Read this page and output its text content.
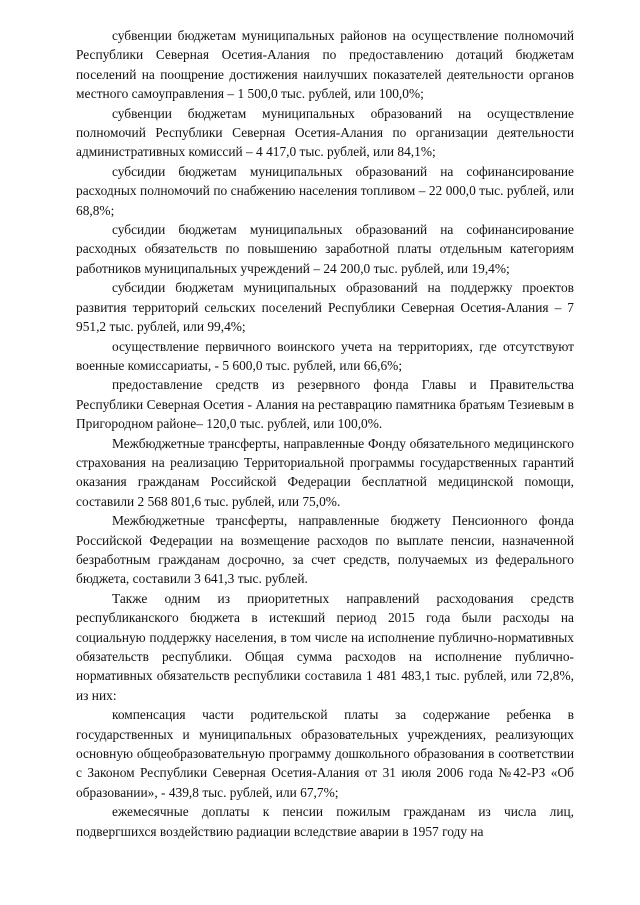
субвенции бюджетам муниципальных районов на осуществление полномочий Республики Северная Осетия-Алания по предоставлению дотаций бюджетам поселений на поощрение достижения наилучших показателей деятельности органов местного самоуправления – 1 500,0 тыс. рублей, или 100,0%;

субвенции бюджетам муниципальных образований на осуществление полномочий Республики Северная Осетия-Алания по организации деятельности административных комиссий – 4 417,0 тыс. рублей, или 84,1%;

субсидии бюджетам муниципальных образований на софинансирование расходных полномочий по снабжению населения топливом – 22 000,0 тыс. рублей, или 68,8%;

субсидии бюджетам муниципальных образований на софинансирование расходных обязательств по повышению заработной платы отдельным категориям работников муниципальных учреждений – 24 200,0 тыс. рублей, или 19,4%;

субсидии бюджетам муниципальных образований на поддержку проектов развития территорий сельских поселений Республики Северная Осетия-Алания – 7 951,2 тыс. рублей, или 99,4%;

осуществление первичного воинского учета на территориях, где отсутствуют военные комиссариаты, - 5 600,0 тыс. рублей, или 66,6%;

предоставление средств из резервного фонда Главы и Правительства Республики Северная Осетия - Алания на реставрацию памятника братьям Тезиевым в Пригородном районе– 120,0 тыс. рублей, или 100,0%.

Межбюджетные трансферты, направленные Фонду обязательного медицинского страхования на реализацию Территориальной программы государственных гарантий оказания гражданам Российской Федерации бесплатной медицинской помощи, составили 2 568 801,6 тыс. рублей, или 75,0%.

Межбюджетные трансферты, направленные бюджету Пенсионного фонда Российской Федерации на возмещение расходов по выплате пенсии, назначенной безработным гражданам досрочно, за счет средств, получаемых из федерального бюджета, составили 3 641,3 тыс. рублей.

Также одним из приоритетных направлений расходования средств республиканского бюджета в истекший период 2015 года были расходы на социальную поддержку населения, в том числе на исполнение публично-нормативных обязательств республики. Общая сумма расходов на исполнение публично-нормативных обязательств республики составила 1 481 483,1 тыс. рублей, или 72,8%, из них:

компенсация части родительской платы за содержание ребенка в государственных и муниципальных образовательных учреждениях, реализующих основную общеобразовательную программу дошкольного образования в соответствии с Законом Республики Северная Осетия-Алания от 31 июля 2006 года №42-РЗ «Об образовании», - 439,8 тыс. рублей, или 67,7%;

ежемесячные доплаты к пенсии пожилым гражданам из числа лиц, подвергшихся воздействию радиации вследствие аварии в 1957 году на
